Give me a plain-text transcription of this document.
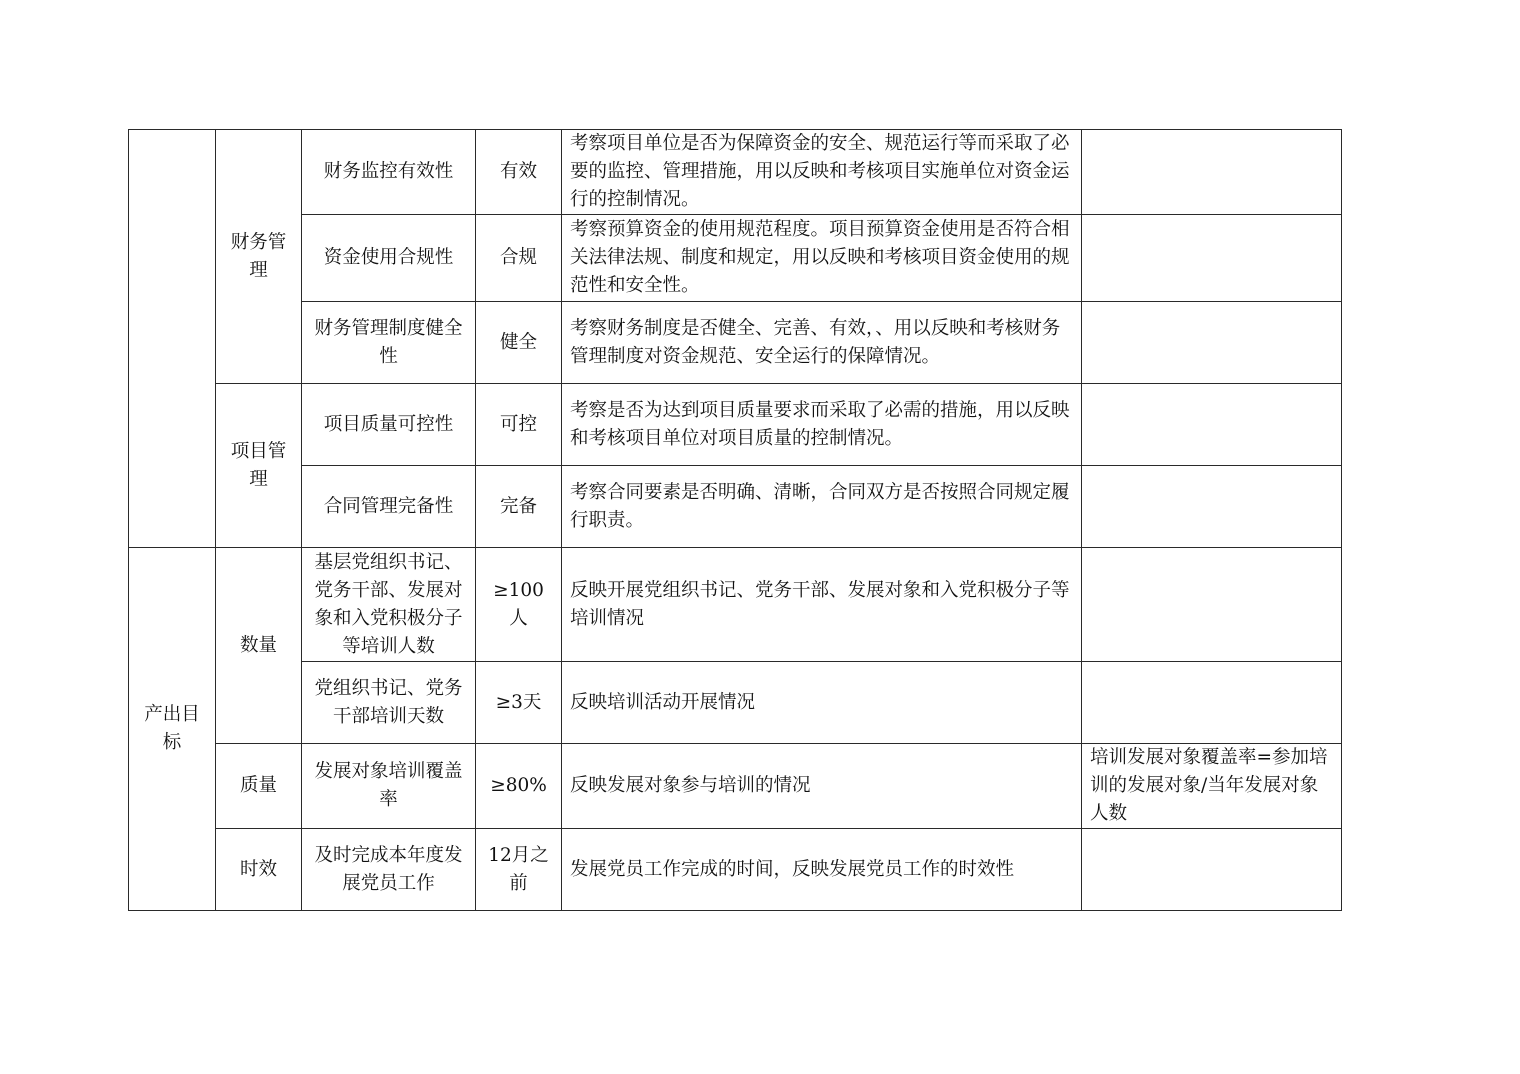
	财务管理	财务监控有效性	有效	考察项目单位是否为保障资金的安全、规范运行等而采取了必要的监控、管理措施，用以反映和考核项目实施单位对资金运行的控制情况。	
		资金使用合规性	合规	考察预算资金的使用规范程度。项目预算资金使用是否符合相关法律法规、制度和规定，用以反映和考核项目资金使用的规范性和安全性。	
		财务管理制度健全性	健全	考察财务制度是否健全、完善、有效，、用以反映和考核财务管理制度对资金规范、安全运行的保障情况。	
	项目管理	项目质量可控性	可控	考察是否为达到项目质量要求而采取了必需的措施，用以反映和考核项目单位对项目质量的控制情况。	
		合同管理完备性	完备	考察合同要素是否明确、清晰，合同双方是否按照合同规定履行职责。	
产出目标	数量	基层党组织书记、党务干部、发展对象和入党积极分子等培训人数	≥100人	反映开展党组织书记、党务干部、发展对象和入党积极分子等培训情况	
		党组织书记、党务干部培训天数	≥3天	反映培训活动开展情况	
	质量	发展对象培训覆盖率	≥80%	反映发展对象参与培训的情况	培训发展对象覆盖率=参加培训的发展对象/当年发展对象人数
	时效	及时完成本年度发展党员工作	12月之前	发展党员工作完成的时间，反映发展党员工作的时效性	
